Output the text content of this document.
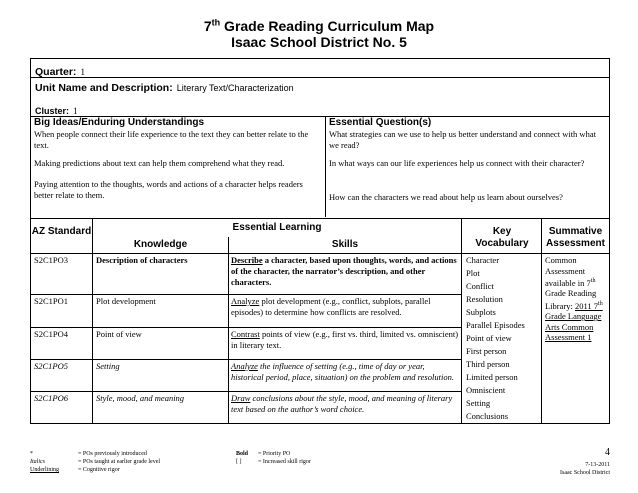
7th Grade Reading Curriculum Map
Isaac School District No. 5
Quarter: 1
Unit Name and Description: Literary Text/Characterization
Cluster: 1
Big Ideas/Enduring Understandings
When people connect their life experience to the text they can better relate to the text.
Making predictions about text can help them comprehend what they read.
Paying attention to the thoughts, words and actions of a character helps readers better relate to them.
Essential Question(s)
What strategies can we use to help us better understand and connect with what we read?
In what ways can our life experiences help us connect with their character?
How can the characters we read about help us learn about ourselves?
AZ Standard	Essential Learning
Knowledge	Skills
Key Vocabulary
Summative Assessment
S2C1PO3	Description of characters	Describe a character, based upon thoughts, words, and actions of the character, the narrator’s description, and other characters.
S2C1PO1	Plot development	Analyze plot development (e.g., conflict, subplots, parallel episodes) to determine how conflicts are resolved.
S2C1PO4	Point of view	Contrast points of view (e.g., first vs. third, limited vs. omniscient) in literary text.
S2C1PO5	Setting	Analyze the influence of setting (e.g., time of day or year, historical period, place, situation) on the problem and resolution.
S2C1PO6	Style, mood, and meaning	Draw conclusions about the style, mood, and meaning of literary text based on the author’s word choice.
Character
Plot
Conflict
Resolution
Subplots
Parallel Episodes
Point of view
First person
Third person
Limited person
Omniscient
Setting
Conclusions
Common
Assessment
available in 7th
Grade Reading
Library: 2011 7th
Grade Language
Arts Common
Assessment 1
*	= POs previously introduced
Italics	= POs taught at earlier grade level
Underlining	= Cognitive rigor
Bold = Priority PO
[ ]	= Increased skill rigor
4
7-13-2011
Isaac School District
